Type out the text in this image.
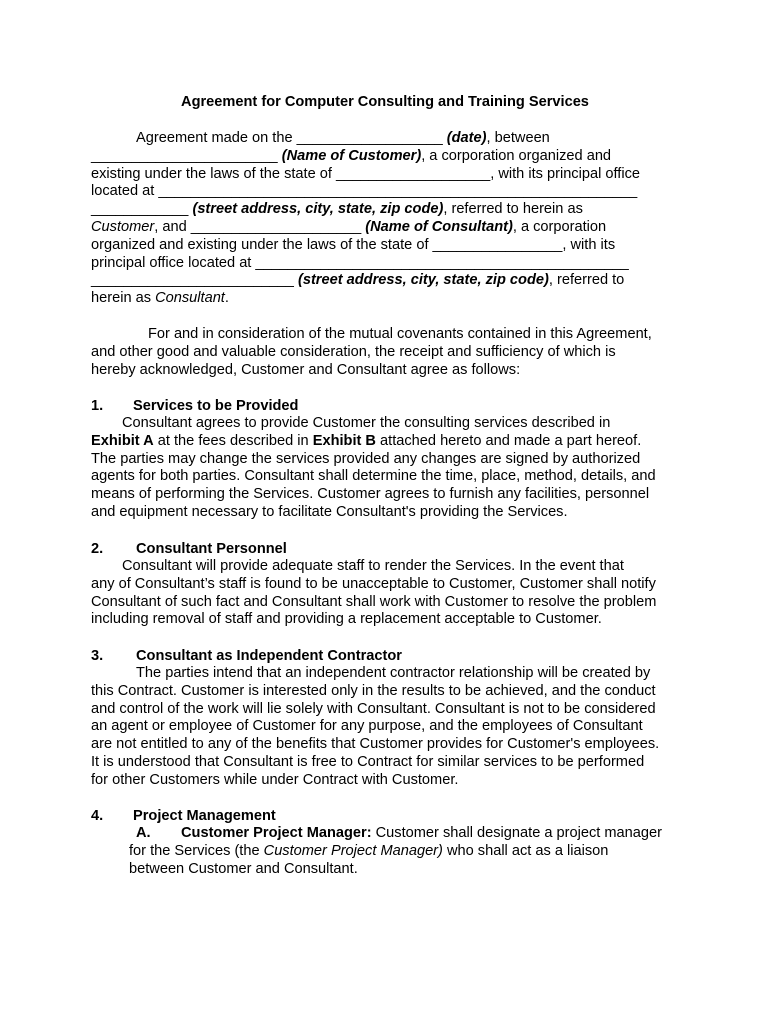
Agreement for Computer Consulting and Training Services
Agreement made on the __________________ (date), between
_______________________ (Name of Customer), a corporation organized and
existing under the laws of the state of ___________________, with its principal office
located at ___________________________________________________________
____________ (street address, city, state, zip code), referred to herein as
Customer, and _____________________ (Name of Consultant), a corporation
organized and existing under the laws of the state of ________________, with its
principal office located at ______________________________________________
_________________________ (street address, city, state, zip code), referred to
herein as Consultant.
For and in consideration of the mutual covenants contained in this Agreement,
and other good and valuable consideration, the receipt and sufficiency of which is
hereby acknowledged, Customer and Consultant agree as follows:
1. Services to be Provided
Consultant agrees to provide Customer the consulting services described in
Exhibit A at the fees described in Exhibit B attached hereto and made a part hereof.
The parties may change the services provided any changes are signed by authorized
agents for both parties. Consultant shall determine the time, place, method, details, and
means of performing the Services. Customer agrees to furnish any facilities, personnel
and equipment necessary to facilitate Consultant's providing the Services.
2. Consultant Personnel
Consultant will provide adequate staff to render the Services. In the event that
any of Consultant’s staff is found to be unacceptable to Customer, Customer shall notify
Consultant of such fact and Consultant shall work with Customer to resolve the problem
including removal of staff and providing a replacement acceptable to Customer.
3. Consultant as Independent Contractor
The parties intend that an independent contractor relationship will be created by
this Contract. Customer is interested only in the results to be achieved, and the conduct
and control of the work will lie solely with Consultant. Consultant is not to be considered
an agent or employee of Customer for any purpose, and the employees of Consultant
are not entitled to any of the benefits that Customer provides for Customer's employees.
It is understood that Consultant is free to Contract for similar services to be performed
for other Customers while under Contract with Customer.
4. Project Management
A. Customer Project Manager: Customer shall designate a project manager
for the Services (the Customer Project Manager) who shall act as a liaison
between Customer and Consultant.
